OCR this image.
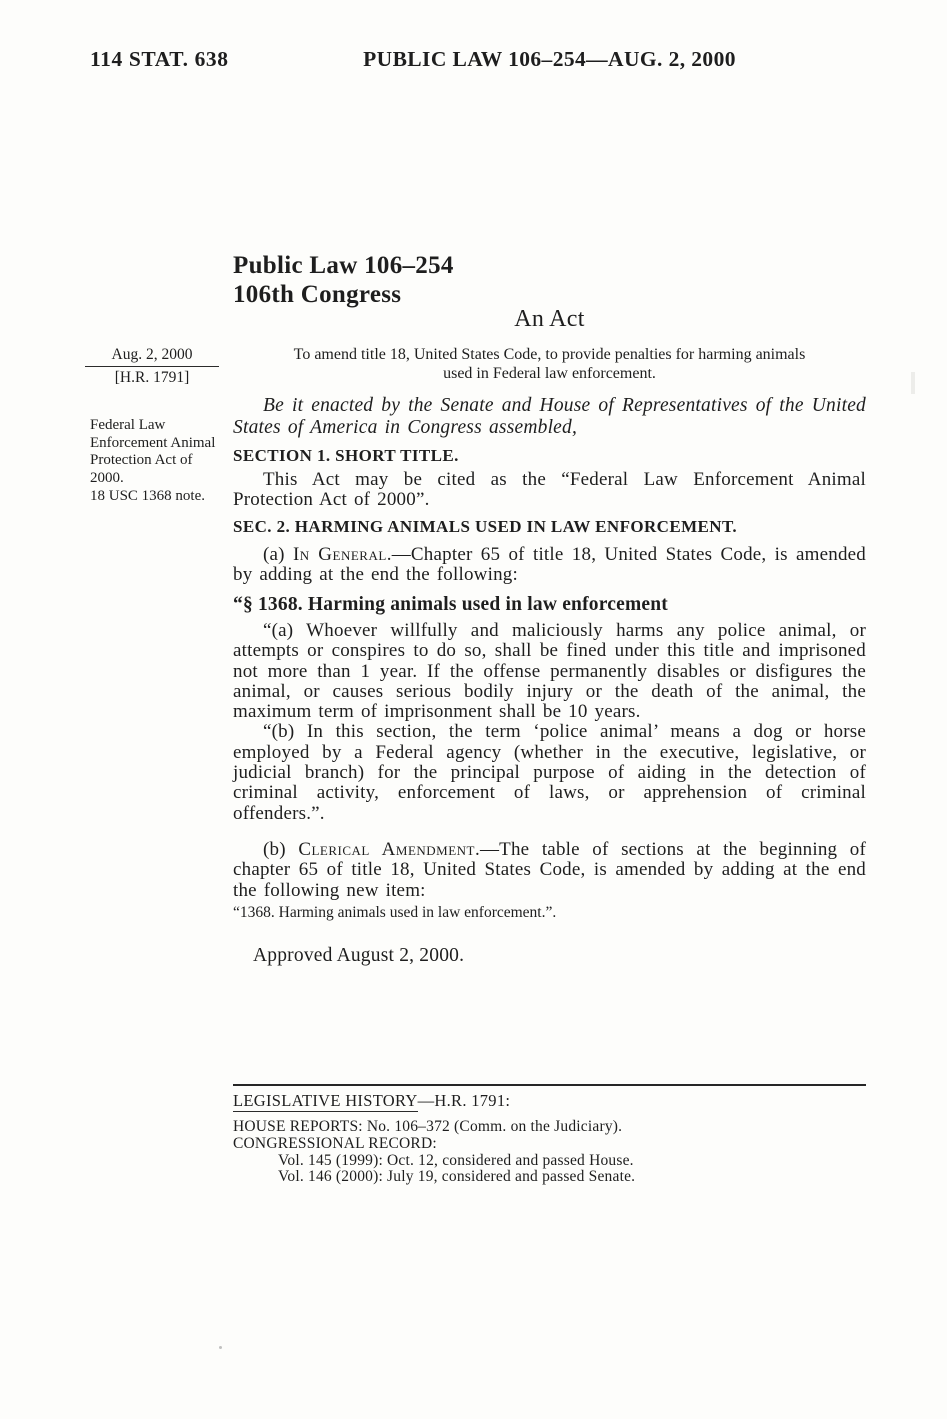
114 STAT. 638	PUBLIC LAW 106–254—AUG. 2, 2000
Aug. 2, 2000
[H.R. 1791]

Federal Law Enforcement Animal Protection Act of 2000.

18 USC 1368 note.

Public Law 106–254
106th Congress
An Act
To amend title 18, United States Code, to provide penalties for harming animals
used in Federal law enforcement.

Be it enacted by the Senate and House of Representatives of the United States of America in Congress assembled,

SECTION 1. SHORT TITLE.

This Act may be cited as the “Federal Law Enforcement Animal Protection Act of 2000”.

SEC. 2. HARMING ANIMALS USED IN LAW ENFORCEMENT.

(a) In General.—Chapter 65 of title 18, United States Code, is amended by adding at the end the following:

“§ 1368. Harming animals used in law enforcement

“(a) Whoever willfully and maliciously harms any police animal, or attempts or conspires to do so, shall be fined under this title and imprisoned not more than 1 year. If the offense permanently disables or disfigures the animal, or causes serious bodily injury or the death of the animal, the maximum term of imprisonment shall be 10 years.

“(b) In this section, the term ‘police animal’ means a dog or horse employed by a Federal agency (whether in the executive, legislative, or judicial branch) for the principal purpose of aiding in the detection of criminal activity, enforcement of laws, or apprehension of criminal offenders.”.

(b) Clerical Amendment.—The table of sections at the beginning of chapter 65 of title 18, United States Code, is amended by adding at the end the following new item:

“1368. Harming animals used in law enforcement.”.

Approved August 2, 2000.

LEGISLATIVE HISTORY—H.R. 1791:

HOUSE REPORTS: No. 106–372 (Comm. on the Judiciary).

CONGRESSIONAL RECORD:

Vol. 145 (1999): Oct. 12, considered and passed House.

Vol. 146 (2000): July 19, considered and passed Senate.
